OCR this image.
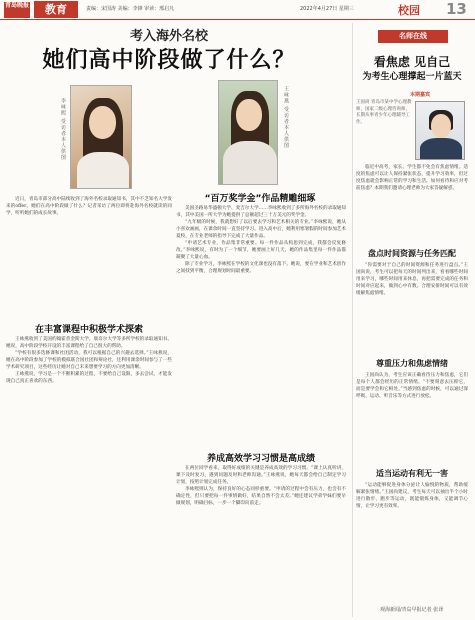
青岛晚报	教育	责编：宋国涛 美编：李锋 审读：邢启凡	2022年4月27日 星期三	校园 13
考入海外名校
她们高中阶段做了什么？
李咏熙 受访者本人供图	王咏燕 受访者本人供图

近日，青岛市部分高中陆续收到了海外名校录取通知书，其中不乏知名大学发来的offer。她们在高中阶段做了什么？记者采访了两位即将赴海外名校就读的同学，听听她们的成长故事。

“百万奖学金”作品精雕细琢

美国圣路易华盛顿大学、麦吉尔大学……李咏熙收到了多所海外名校的录取通知书，其中美国一所大学为她提供了总额超过三十万美元的奖学金。

“九年级的时候，我就想好了以后要去学习和艺术相关的专业。”李咏熙说，她从小喜欢画画，在课余时间一直坚持学习。进入高中后，她利用寒暑假的时间参加艺术夏校，在专业老师的指导下完成了大量作品。

“申请艺术专业，作品集非常重要。每一件作品从构思到完成，我都会反复修改。”李咏熙说，有时为了一个细节，她要画上好几天，她的作品集里每一件作品都凝聚了大量心血。

除了专业学习，李咏熙在学校的文化课也没有落下。她说，要在学业和艺术创作之间找到平衡，合理规划时间最重要。

在丰富课程中积极学术探索

王咏燕收到了美国约翰霍普金斯大学、康奈尔大学等多所学校的录取通知书。她说，高中阶段学校开设的丰富课程给了自己很大的帮助。

“学校有很多选修课和社团活动，我可以根据自己的兴趣去选择。”王咏燕说，她在高中阶段参加了学校的模拟联合国社团和辩论社，还利用课余时间参与了一些学术研究项目，这些经历让她对自己未来想要学习的方向更加清晰。

王咏燕说，学习是一个不断积累的过程，不要给自己设限，多去尝试，才能发现自己真正喜欢的东西。

养成高效学习习惯是高成绩

在两位同学看来，取得好成绩的关键是养成高效的学习习惯。“课上认真听讲，课下及时复习，遇到问题及时和老师沟通。”王咏燕说，她每天都会给自己制定学习计划，按照计划完成任务。

李咏熙则认为，保持良好的心态同样重要。“申请的过程中会有压力，也会有不确定性，但只要把每一件事情做好，结果自然不会太差。”她还建议学弟学妹们要早做规划，明确目标，一步一个脚印向前走。

名师在线
看焦虑 见自己
为考生心理撑起一片蓝天
本期嘉宾
王国尚 青岛市某中学心理教师，国家二级心理咨询师，长期从事青少年心理辅导工作。

临近中高考，家长、学生都不免会有焦虑情绪。适度的焦虑可以让人保持紧张状态，提升学习效率，但过度焦虑就会影响正常的学习和生活。如何看待和应对考前焦虑？本期我们邀请心理老师为大家答疑解惑。

盘点时间资源与任务匹配

“你需要对于自己的时间资源和任务进行盘点。”王国尚说，考生可以把每天的时间列出来，看看哪些时间用来学习，哪些时间用来休息，再把需要完成的任务和时间对应起来，做到心中有数。合理安排时间可以有效缓解焦虑情绪。

尊重压力和焦虑情绪

王国尚认为，考生应该正确看待压力和焦虑，它们是每个人都会经历的正常情绪。“不要刻意去压抑它，而是要学会和它相处。”当感到焦虑的时候，可以通过深呼吸、运动、听音乐等方式进行放松。

适当运动有利无一害

“运动能够促进身体分泌让人愉悦的物质，帮助缓解紧张情绪。”王国尚建议，考生每天可以抽出半个小时进行散步、跑步等运动，既能锻炼身体，又能调节心情，让学习更有效率。

观海新闻/青岛早报记者 张译
